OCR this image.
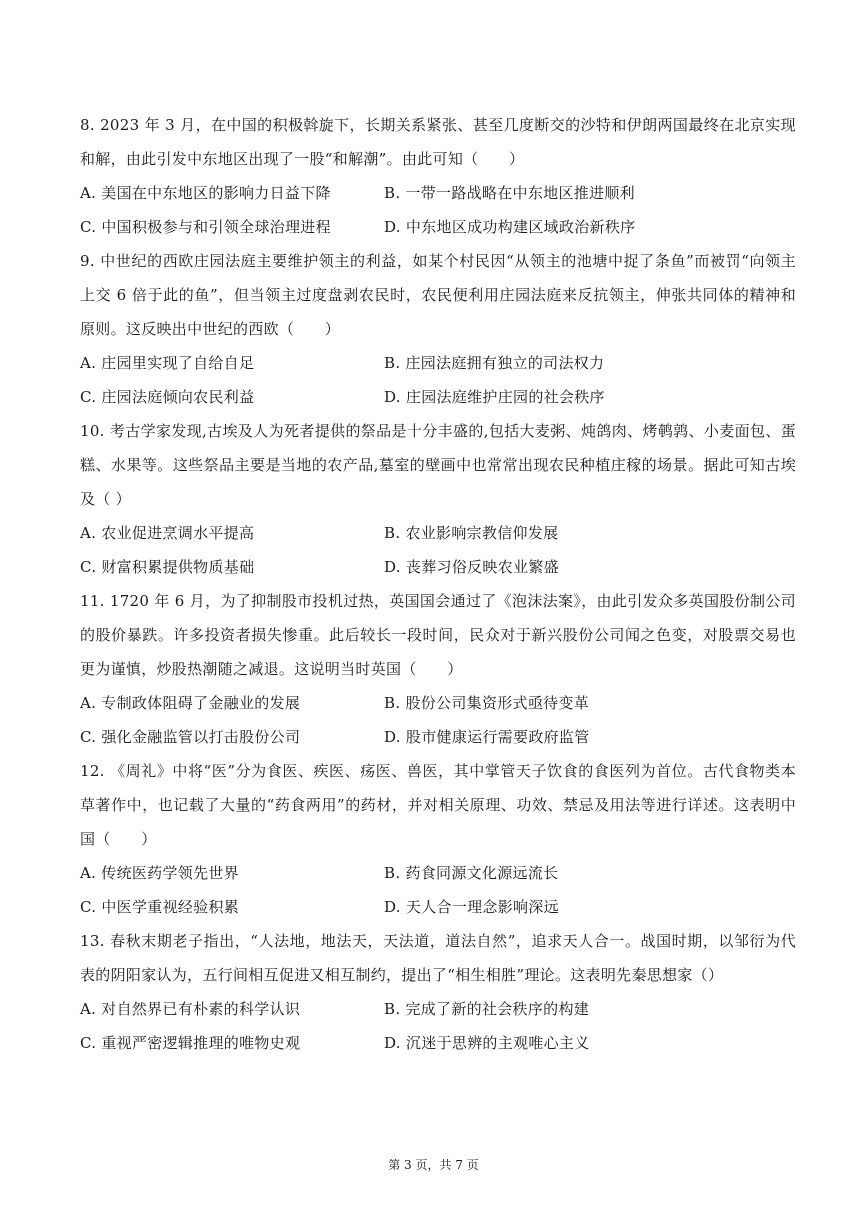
8. 2023 年 3 月，在中国的积极斡旋下，长期关系紧张、甚至几度断交的沙特和伊朗两国最终在北京实现和解，由此引发中东地区出现了一股“和解潮”。由此可知（　　）
A. 美国在中东地区的影响力日益下降	B. 一带一路战略在中东地区推进顺利
C. 中国积极参与和引领全球治理进程	D. 中东地区成功构建区域政治新秩序
9. 中世纪的西欧庄园法庭主要维护领主的利益，如某个村民因“从领主的池塘中捉了条鱼”而被罚“向领主上交 6 倍于此的鱼”，但当领主过度盘剥农民时，农民便利用庄园法庭来反抗领主，伸张共同体的精神和原则。这反映出中世纪的西欧（　　）
A. 庄园里实现了自给自足	B. 庄园法庭拥有独立的司法权力
C. 庄园法庭倾向农民利益	D. 庄园法庭维护庄园的社会秩序
10. 考古学家发现,古埃及人为死者提供的祭品是十分丰盛的,包括大麦粥、炖鸽肉、烤鹌鹑、小麦面包、蛋糕、水果等。这些祭品主要是当地的农产品,墓室的壁画中也常常出现农民种植庄稼的场景。据此可知古埃及（ ）
A. 农业促进烹调水平提高	B. 农业影响宗教信仰发展
C. 财富积累提供物质基础	D. 丧葬习俗反映农业繁盛
11. 1720 年 6 月，为了抑制股市投机过热，英国国会通过了《泡沫法案》，由此引发众多英国股份制公司的股价暴跌。许多投资者损失惨重。此后较长一段时间，民众对于新兴股份公司闻之色变，对股票交易也更为谨慎，炒股热潮随之减退。这说明当时英国（　　）
A. 专制政体阻碍了金融业的发展	B. 股份公司集资形式亟待变革
C. 强化金融监管以打击股份公司	D. 股市健康运行需要政府监管
12. 《周礼》中将“医”分为食医、疾医、疡医、兽医，其中掌管天子饮食的食医列为首位。古代食物类本草著作中，也记载了大量的“药食两用”的药材，并对相关原理、功效、禁忌及用法等进行详述。这表明中国（　　）
A. 传统医药学领先世界	B. 药食同源文化源远流长
C. 中医学重视经验积累	D. 天人合一理念影响深远
13. 春秋末期老子指出，“人法地，地法天，天法道，道法自然”，追求天人合一。战国时期，以邹衍为代表的阴阳家认为，五行间相互促进又相互制约，提出了“相生相胜”理论。这表明先秦思想家（）
A. 对自然界已有朴素的科学认识	B. 完成了新的社会秩序的构建
C. 重视严密逻辑推理的唯物史观	D. 沉迷于思辨的主观唯心主义
第 3 页，共 7 页
